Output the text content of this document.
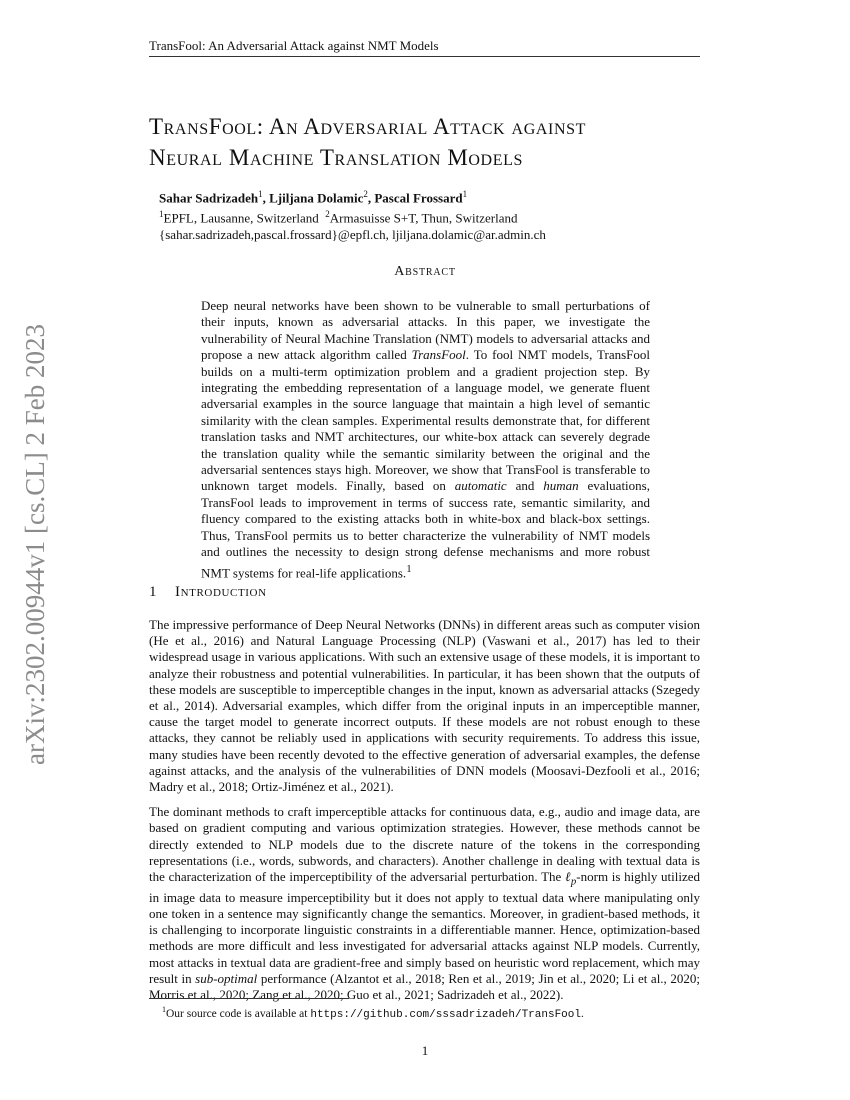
TransFool: An Adversarial Attack against NMT Models
arXiv:2302.00944v1 [cs.CL] 2 Feb 2023
TransFool: An Adversarial Attack against
Neural Machine Translation Models
Sahar Sadrizadeh$^1$, Ljiljana Dolamic$^2$, Pascal Frossard$^1$
$^1$EPFL, Lausanne, Switzerland $^2$Armasuisse S+T, Thun, Switzerland
{sahar.sadrizadeh,pascal.frossard}@epfl.ch, ljiljana.dolamic@ar.admin.ch
Abstract

Deep neural networks have been shown to be vulnerable to small perturbations of their inputs, known as adversarial attacks. In this paper, we investigate the vulnerability of Neural Machine Translation (NMT) models to adversarial attacks and propose a new attack algorithm called TransFool. To fool NMT models, TransFool builds on a multi-term optimization problem and a gradient projection step. By integrating the embedding representation of a language model, we generate fluent adversarial examples in the source language that maintain a high level of semantic similarity with the clean samples. Experimental results demonstrate that, for different translation tasks and NMT architectures, our white-box attack can severely degrade the translation quality while the semantic similarity between the original and the adversarial sentences stays high. Moreover, we show that TransFool is transferable to unknown target models. Finally, based on automatic and human evaluations, TransFool leads to improvement in terms of success rate, semantic similarity, and fluency compared to the existing attacks both in white-box and black-box settings. Thus, TransFool permits us to better characterize the vulnerability of NMT models and outlines the necessity to design strong defense mechanisms and more robust NMT systems for real-life applications.$^1$

1 Introduction

The impressive performance of Deep Neural Networks (DNNs) in different areas such as computer vision (He et al., 2016) and Natural Language Processing (NLP) (Vaswani et al., 2017) has led to their widespread usage in various applications. With such an extensive usage of these models, it is important to analyze their robustness and potential vulnerabilities. In particular, it has been shown that the outputs of these models are susceptible to imperceptible changes in the input, known as adversarial attacks (Szegedy et al., 2014). Adversarial examples, which differ from the original inputs in an imperceptible manner, cause the target model to generate incorrect outputs. If these models are not robust enough to these attacks, they cannot be reliably used in applications with security requirements. To address this issue, many studies have been recently devoted to the effective generation of adversarial examples, the defense against attacks, and the analysis of the vulnerabilities of DNN models (Moosavi-Dezfooli et al., 2016; Madry et al., 2018; Ortiz-Jiménez et al., 2021).

The dominant methods to craft imperceptible attacks for continuous data, e.g., audio and image data, are based on gradient computing and various optimization strategies. However, these methods cannot be directly extended to NLP models due to the discrete nature of the tokens in the corresponding representations (i.e., words, subwords, and characters). Another challenge in dealing with textual data is the characterization of the imperceptibility of the adversarial perturbation. The ℓ$_p$-norm is highly utilized in image data to measure imperceptibility but it does not apply to textual data where manipulating only one token in a sentence may significantly change the semantics. Moreover, in gradient-based methods, it is challenging to incorporate linguistic constraints in a differentiable manner. Hence, optimization-based methods are more difficult and less investigated for adversarial attacks against NLP models. Currently, most attacks in textual data are gradient-free and simply based on heuristic word replacement, which may result in sub-optimal performance (Alzantot et al., 2018; Ren et al., 2019; Jin et al., 2020; Li et al., 2020; Morris et al., 2020; Zang et al., 2020; Guo et al., 2021; Sadrizadeh et al., 2022).

$^1$Our source code is available at https://github.com/sssadrizadeh/TransFool.
1
